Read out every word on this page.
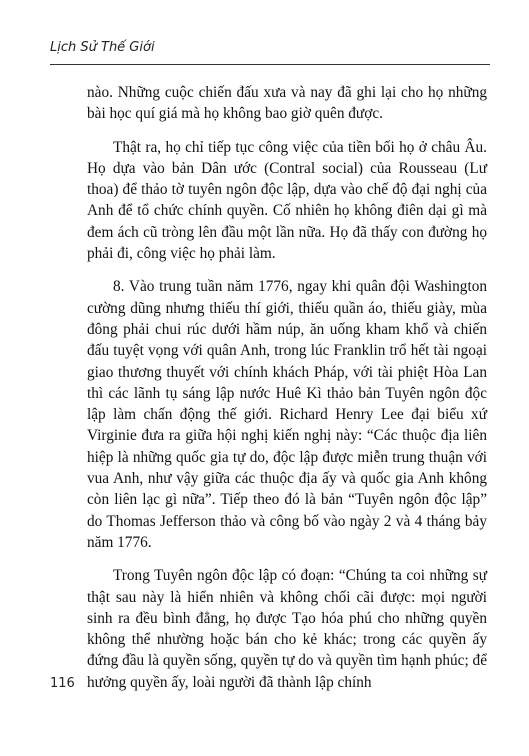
Lịch Sử Thế Giới

nào. Những cuộc chiến đấu xưa và nay đã ghi lại cho họ những bài học quí giá mà họ không bao giờ quên được.

Thật ra, họ chỉ tiếp tục công việc của tiền bối họ ở châu Âu. Họ dựa vào bản Dân ước (Contral social) của Rousseau (Lư thoa) để thảo tờ tuyên ngôn độc lập, dựa vào chế độ đại nghị của Anh để tổ chức chính quyền. Cố nhiên họ không điên dại gì mà đem ách cũ tròng lên đầu một lần nữa. Họ đã thấy con đường họ phải đi, công việc họ phải làm.

8. Vào trung tuần năm 1776, ngay khi quân đội Washington cường dũng nhưng thiếu thí giới, thiếu quần áo, thiếu giày, mùa đông phải chui rúc dưới hầm núp, ăn uống kham khổ và chiến đấu tuyệt vọng với quân Anh, trong lúc Franklin trổ hết tài ngoại giao thương thuyết với chính khách Pháp, với tài phiệt Hòa Lan thì các lãnh tụ sáng lập nước Huê Kì thảo bản Tuyên ngôn độc lập làm chấn động thế giới. Richard Henry Lee đại biểu xứ Virginie đưa ra giữa hội nghị kiến nghị này: “Các thuộc địa liên hiệp là những quốc gia tự do, độc lập được miễn trung thuận với vua Anh, như vậy giữa các thuộc địa ấy và quốc gia Anh không còn liên lạc gì nữa”. Tiếp theo đó là bản “Tuyên ngôn độc lập” do Thomas Jefferson thảo và công bố vào ngày 2 và 4 tháng bảy năm 1776.

Trong Tuyên ngôn độc lập có đoạn: “Chúng ta coi những sự thật sau này là hiển nhiên và không chối cãi được: mọi người sinh ra đều bình đẳng, họ được Tạo hóa phú cho những quyền không thể nhường hoặc bán cho kẻ khác; trong các quyền ấy đứng đầu là quyền sống, quyền tự do và quyền tìm hạnh phúc; để hưởng quyền ấy, loài người đã thành lập chính

116
